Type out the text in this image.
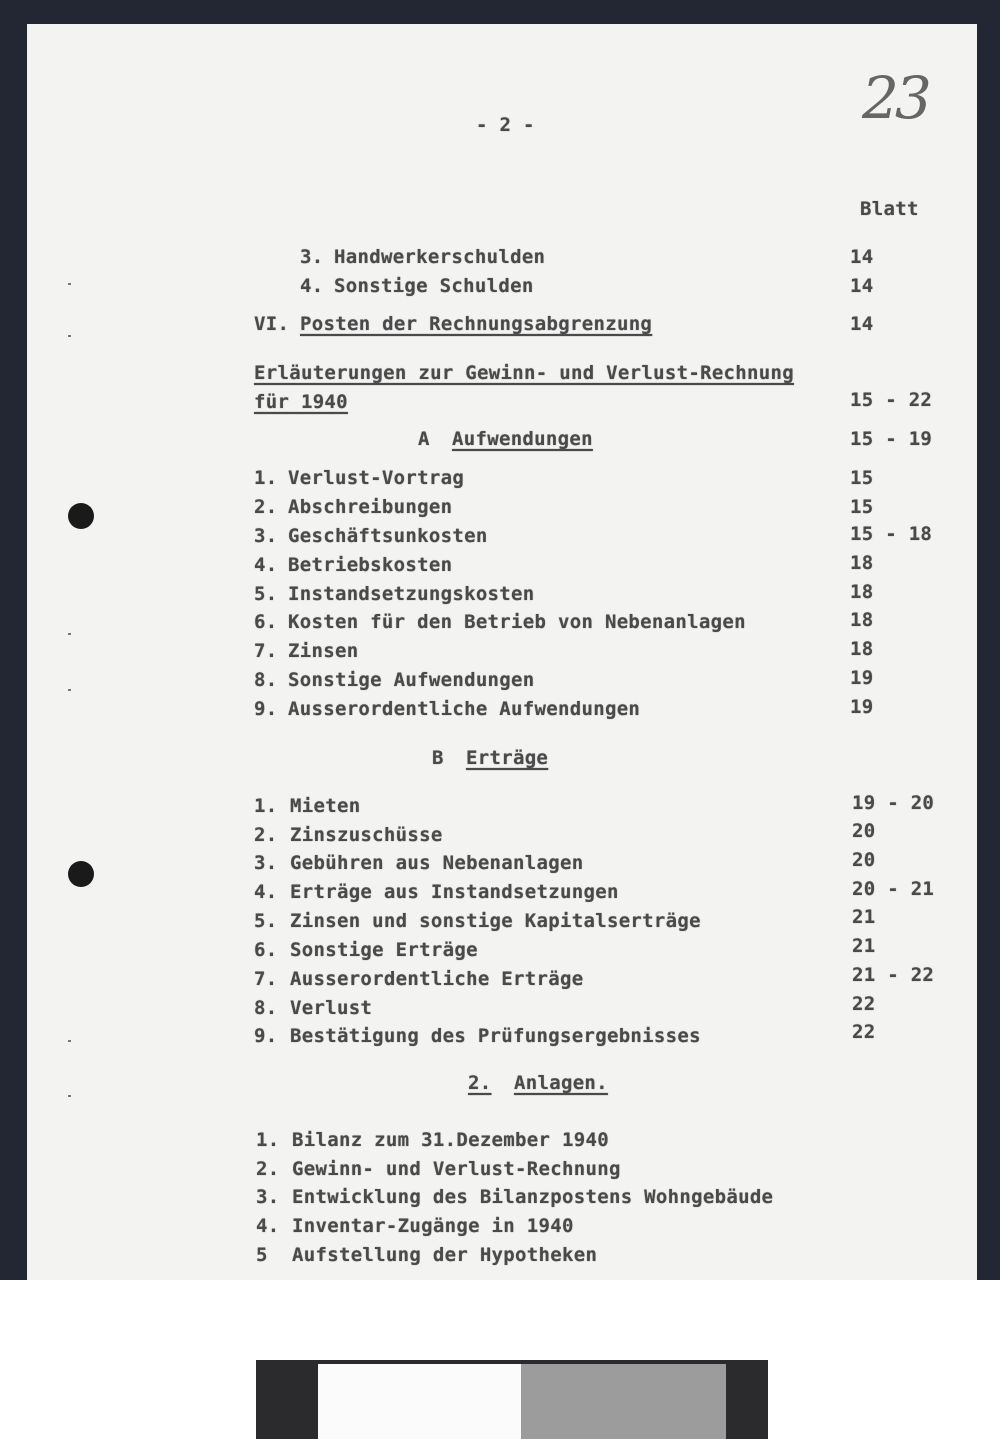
- 2 -	23
Blatt
3. Handwerkerschulden	14
4. Sonstige Schulden	14
VI. Posten der Rechnungsabgrenzung	14
Erläuterungen zur Gewinn- und Verlust-Rechnung
für 1940	15 - 22
A Aufwendungen	15 - 19
1. Verlust-Vortrag	15
2. Abschreibungen	15
3. Geschäftsunkosten	15 - 18
4. Betriebskosten	18
5. Instandsetzungskosten	18
6. Kosten für den Betrieb von Nebenanlagen	18
7. Zinsen	18
8. Sonstige Aufwendungen	19
9. Ausserordentliche Aufwendungen	19
B Erträge
1. Mieten	19 - 20
2. Zinszuschüsse	20
3. Gebühren aus Nebenanlagen	20
4. Erträge aus Instandsetzungen	20 - 21
5. Zinsen und sonstige Kapitalserträge	21
6. Sonstige Erträge	21
7. Ausserordentliche Erträge	21 - 22
8. Verlust	22
9. Bestätigung des Prüfungsergebnisses	22
2. Anlagen.
1. Bilanz zum 31.Dezember 1940
2. Gewinn- und Verlust-Rechnung
3. Entwicklung des Bilanzpostens Wohngebäude
4. Inventar-Zugänge in 1940
5 Aufstellung der Hypotheken
